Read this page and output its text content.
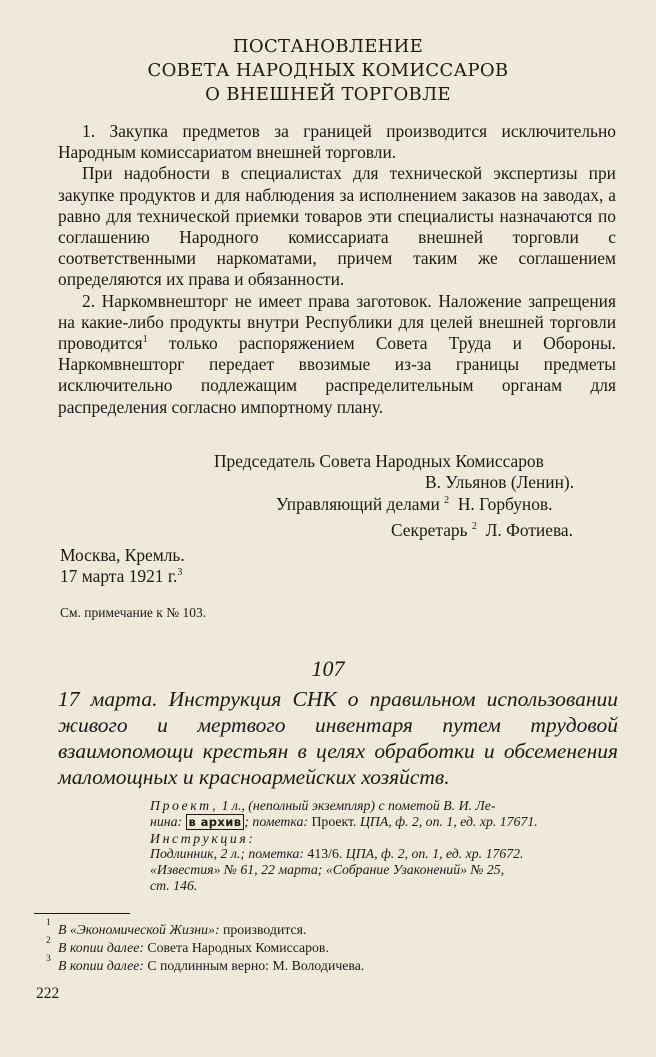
ПОСТАНОВЛЕНИЕ
СОВЕТА НАРОДНЫХ КОМИССАРОВ
О ВНЕШНЕЙ ТОРГОВЛЕ

1. Закупка предметов за границей производится исключительно Народным комиссариатом внешней торговли.

При надобности в специалистах для технической экспертизы при закупке продуктов и для наблюдения за исполнением заказов на заводах, а равно для технической приемки товаров эти специалисты назначаются по соглашению Народного комиссариата внешней торговли с соответственными наркоматами, причем таким же соглашением определяются их права и обязанности.

2. Наркомвнешторг не имеет права заготовок. Наложение запрещения на какие-либо продукты внутри Республики для целей внешней торговли проводится$^1$ только распоряжением Совета Труда и Обороны. Наркомвнешторг передает ввозимые из-за границы предметы исключительно подлежащим распределительным органам для распределения согласно импортному плану.

Председатель Совета Народных Комиссаров
В. Ульянов (Ленин).
Управляющий делами $^2$ Н. Горбунов.
Секретарь $^2$ Л. Фотиева.
Москва, Кремль.
17 марта 1921 г.$^3$
См. примечание к № 103.
107
17 марта. Инструкция СНК о правильном использовании живого и мертвого инвентаря путем трудовой взаимопомощи крестьян в целях обработки и обсеменения маломощных и красноармейских хозяйств.
Проект, 1 л., (неполный экземпляр) с пометой В. И. Ле-
нина: в архив ; пометка: Проект. ЦПА, ф. 2, оп. 1, ед. хр. 17671.
Инструкция:
Подлинник, 2 л.; пометка: 413/6. ЦПА, ф. 2, оп. 1, ед. хр. 17672.
«Известия» № 61, 22 марта; «Собрание Узаконений» № 25,
ст. 146.
1 В «Экономической Жизни»: производится.
2 В копии далее: Совета Народных Комиссаров.
3 В копии далее: С подлинным верно: М. Володичева.
222
